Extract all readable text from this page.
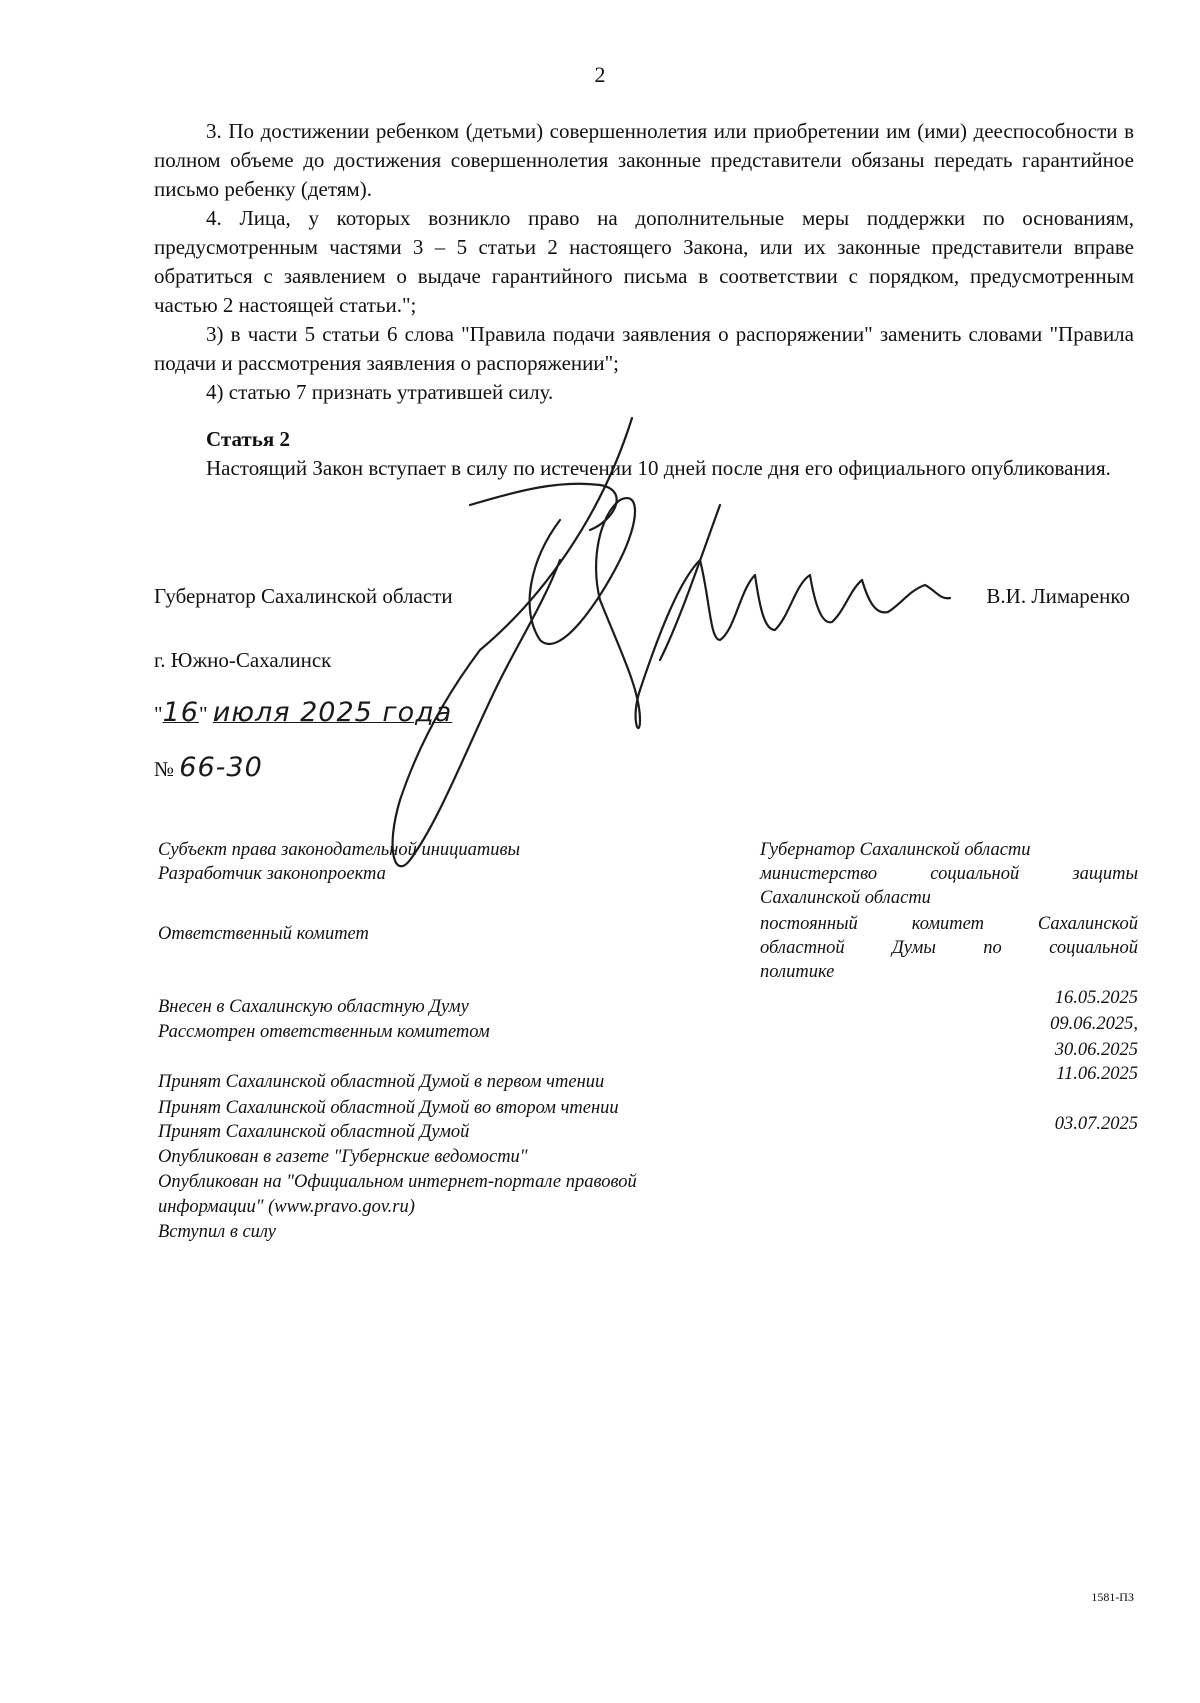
2

3. По достижении ребенком (детьми) совершеннолетия или приобретении им (ими) дееспособности в полном объеме до достижения совершеннолетия законные представители обязаны передать гарантийное письмо ребенку (детям).

4. Лица, у которых возникло право на дополнительные меры поддержки по основаниям, предусмотренным частями 3 – 5 статьи 2 настоящего Закона, или их законные представители вправе обратиться с заявлением о выдаче гарантийного письма в соответствии с порядком, предусмотренным частью 2 настоящей статьи.";

3) в части 5 статьи 6 слова "Правила подачи заявления о распоряжении" заменить словами "Правила подачи и рассмотрения заявления о распоряжении";

4) статью 7 признать утратившей силу.

Статья 2

Настоящий Закон вступает в силу по истечении 10 дней после дня его официального опубликования.

Губернатор Сахалинской области	В.И. Лимаренко
г. Южно-Сахалинск
"16" июля 2025 года
№ 66-30
Субъект права законодательной инициативы
Разработчик законопроекта
Ответственный комитет
Внесен в Сахалинскую областную Думу
Рассмотрен ответственным комитетом
Принят Сахалинской областной Думой в первом чтении
Принят Сахалинской областной Думой во втором чтении
Принят Сахалинской областной Думой
Опубликован в газете "Губернские ведомости"
Опубликован на "Официальном интернет-портале правовой
информации" (www.pravo.gov.ru)
Вступил в силу
Губернатор Сахалинской области
министерство социальной защиты
Сахалинской области
постоянный комитет Сахалинской
областной Думы по социальной
политике
16.05.2025
09.06.2025,
30.06.2025
11.06.2025
03.07.2025
1581-ПЗ
